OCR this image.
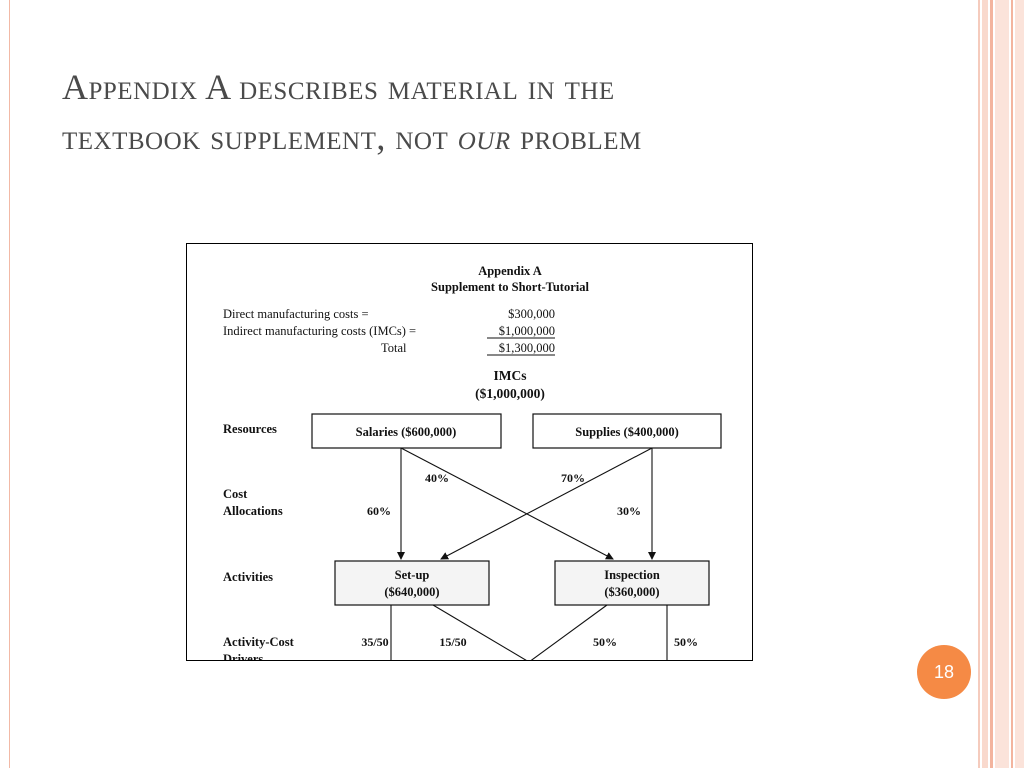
Appendix A describes material in the
textbook supplement, not our problem
Appendix A
Supplement to Short-Tutorial
Direct manufacturing costs =	$300,000
Indirect manufacturing costs (IMCs) =	$1,000,000
Total	$1,300,000
IMCs
($1,000,000)
Resources
Cost
Allocations
Activities
Activity-Cost
Drivers
Salaries ($600,000)	Supplies ($400,000)
40%	70%
60%	30%
Set-up
($640,000)
Inspection
($360,000)
35/50	15/50	50%	50%
18
